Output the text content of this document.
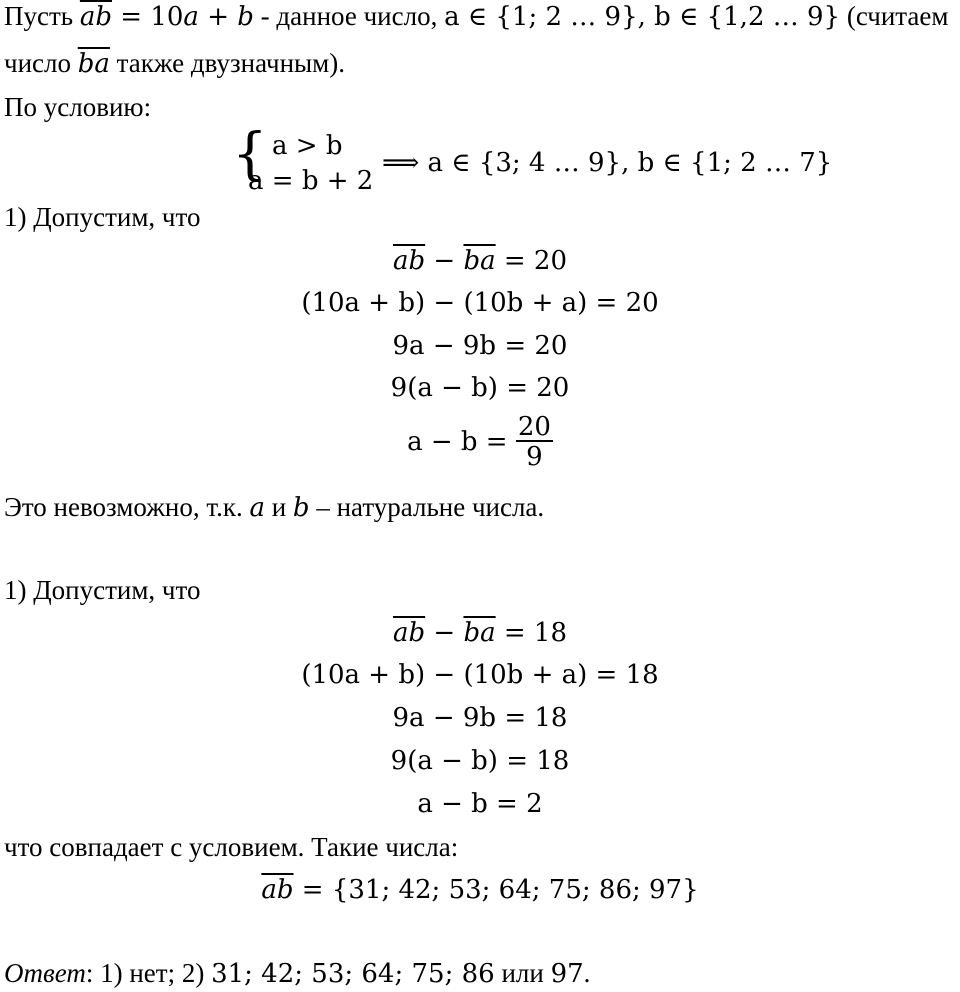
Пусть $\overline{ab} = 10a + b$ - данное число, a ∈ {1; 2 … 9}, b ∈ {1,2 … 9} (считаем
число $\overline{ba}$ также двузначным).
По условию:
{ a > b
a = b + 2
⟹ a ∈ {3; 4 … 9}, b ∈ {1; 2 … 7}
1) Допустим, что
$\overline{ab} - \overline{ba} = 20$
(10a + b) − (10b + a) = 20
9a − 9b = 20
9(a − b) = 20
$a - b = \frac{20}{9}$
Это невозможно, т.к. a и b – натуральне числа.
1) Допустим, что
$\overline{ab} - \overline{ba} = 18$
(10a + b) − (10b + a) = 18
9a − 9b = 18
9(a − b) = 18
a − b = 2
что совпадает с условием. Такие числа:
$\overline{ab} = \{31$; 42; 53; 64; 75; 86; 97}
Ответ: 1) нет; 2) 31; 42; 53; 64; 75; 86 или 97.
